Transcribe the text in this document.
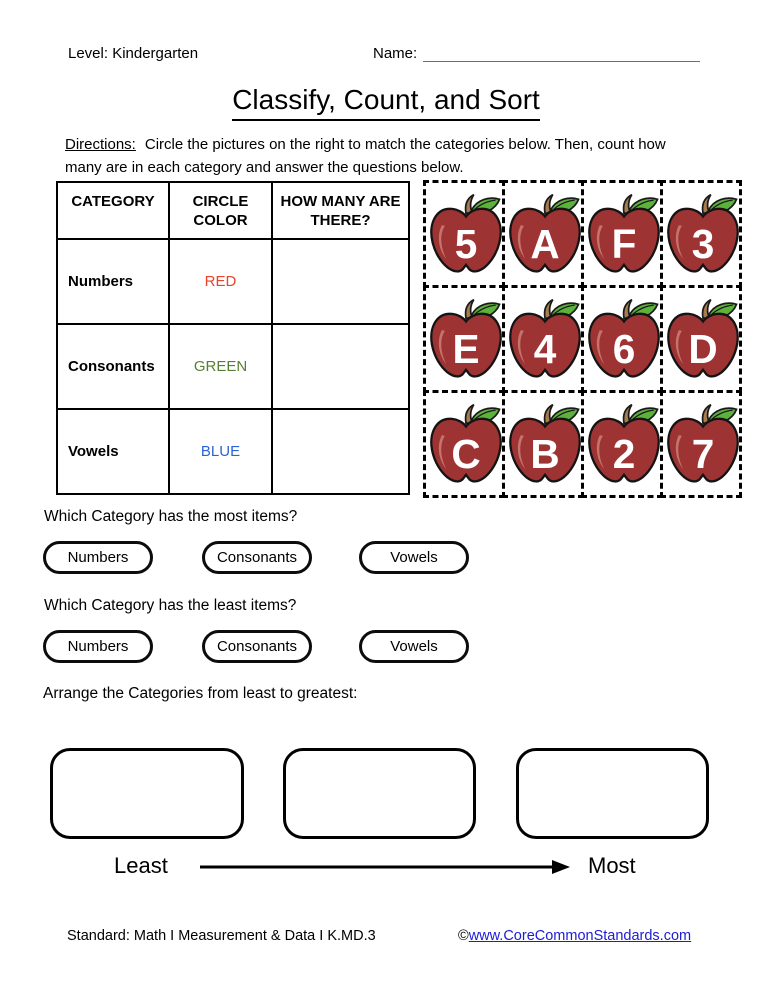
Level: Kindergarten	Name:
Classify, Count, and Sort
Directions: Circle the pictures on the right to match the categories below. Then, count how many are in each category and answer the questions below.
CATEGORY	CIRCLE COLOR	HOW MANY ARE THERE?
Numbers	RED	
Consonants	GREEN	
Vowels	BLUE	
5 A F 3
E 4 6 D
C B 2 7
Which Category has the most items?
Numbers	Consonants	Vowels
Which Category has the least items?
Numbers	Consonants	Vowels
Arrange the Categories from least to greatest:
Least	Most
Standard: Math I Measurement & Data I K.MD.3	©www.CoreCommonStandards.com
